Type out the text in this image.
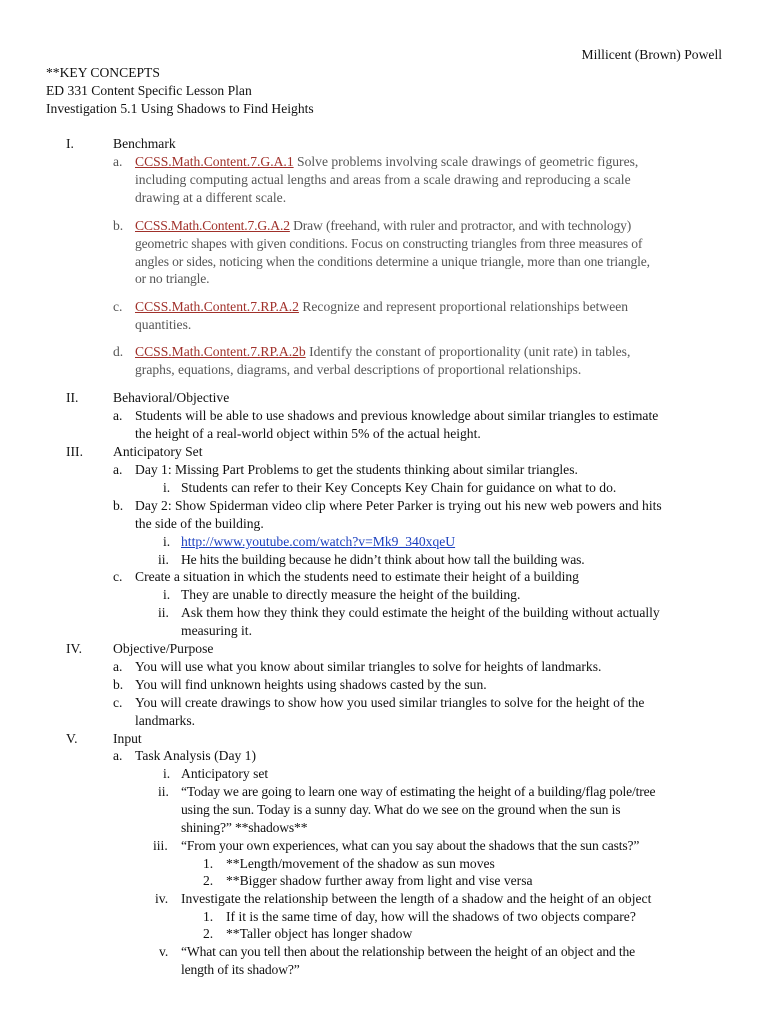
Millicent (Brown) Powell
**KEY CONCEPTS
ED 331 Content Specific Lesson Plan
Investigation 5.1 Using Shadows to Find Heights
I.	Benchmark
a. CCSS.Math.Content.7.G.A.1 Solve problems involving scale drawings of geometric figures,
including computing actual lengths and areas from a scale drawing and reproducing a scale
drawing at a different scale.
b. CCSS.Math.Content.7.G.A.2 Draw (freehand, with ruler and protractor, and with technology)
geometric shapes with given conditions. Focus on constructing triangles from three measures of
angles or sides, noticing when the conditions determine a unique triangle, more than one triangle,
or no triangle.
c. CCSS.Math.Content.7.RP.A.2 Recognize and represent proportional relationships between
quantities.
d. CCSS.Math.Content.7.RP.A.2b Identify the constant of proportionality (unit rate) in tables,
graphs, equations, diagrams, and verbal descriptions of proportional relationships.
II.	Behavioral/Objective
a. Students will be able to use shadows and previous knowledge about similar triangles to estimate
the height of a real-world object within 5% of the actual height.
III. Anticipatory Set
a. Day 1: Missing Part Problems to get the students thinking about similar triangles.
i. Students can refer to their Key Concepts Key Chain for guidance on what to do.
b. Day 2: Show Spiderman video clip where Peter Parker is trying out his new web powers and hits
the side of the building.
i. http://www.youtube.com/watch?v=Mk9_340xqeU
ii. He hits the building because he didn’t think about how tall the building was.
c. Create a situation in which the students need to estimate their height of a building
i. They are unable to directly measure the height of the building.
ii. Ask them how they think they could estimate the height of the building without actually
measuring it.
IV. Objective/Purpose
a. You will use what you know about similar triangles to solve for heights of landmarks.
b. You will find unknown heights using shadows casted by the sun.
c. You will create drawings to show how you used similar triangles to solve for the height of the
landmarks.
V.	Input
a. Task Analysis (Day 1)
i. Anticipatory set
ii. “Today we are going to learn one way of estimating the height of a building/flag pole/tree
using the sun. Today is a sunny day. What do we see on the ground when the sun is
shining?” **shadows**
iii. “From your own experiences, what can you say about the shadows that the sun casts?”
1. **Length/movement of the shadow as sun moves
2. **Bigger shadow further away from light and vise versa
iv. Investigate the relationship between the length of a shadow and the height of an object
1. If it is the same time of day, how will the shadows of two objects compare?
2. **Taller object has longer shadow
v. “What can you tell then about the relationship between the height of an object and the
length of its shadow?”
